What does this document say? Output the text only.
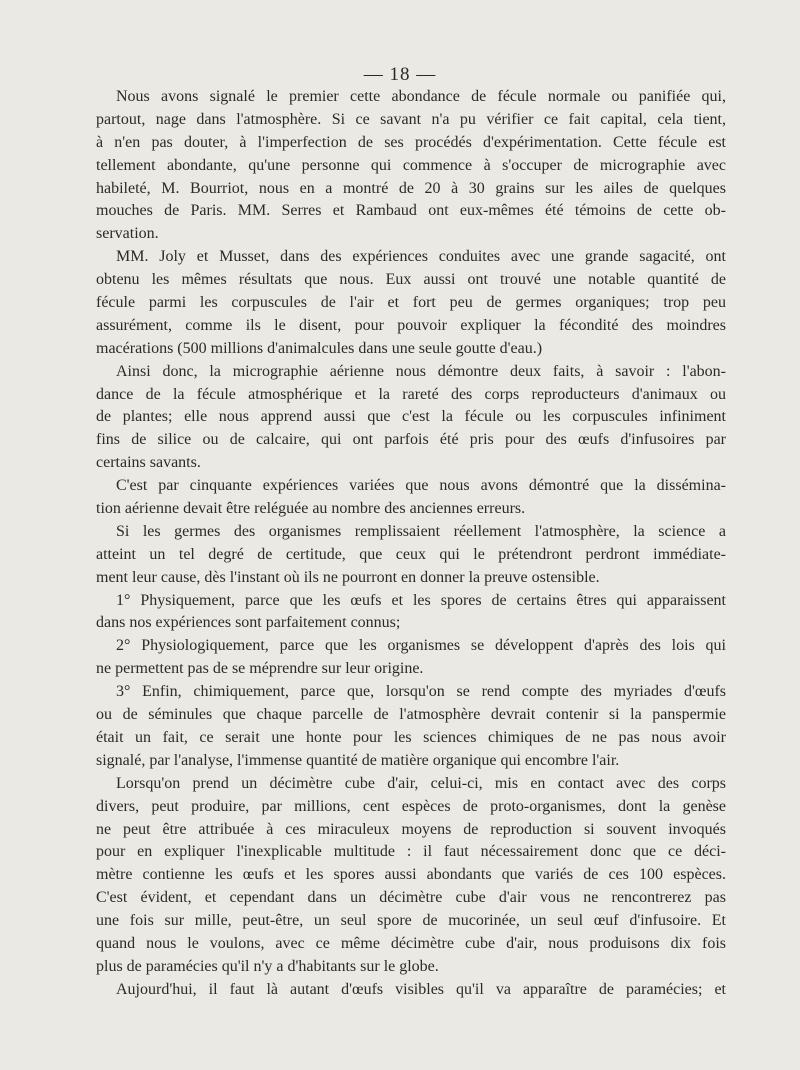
— 18 —
Nous avons signalé le premier cette abondance de fécule normale ou panifiée qui,
partout, nage dans l'atmosphère. Si ce savant n'a pu vérifier ce fait capital, cela tient,
à n'en pas douter, à l'imperfection de ses procédés d'expérimentation. Cette fécule est
tellement abondante, qu'une personne qui commence à s'occuper de micrographie avec
habileté, M. Bourriot, nous en a montré de 20 à 30 grains sur les ailes de quelques
mouches de Paris. MM. Serres et Rambaud ont eux-mêmes été témoins de cette ob-
servation.
MM. Joly et Musset, dans des expériences conduites avec une grande sagacité, ont
obtenu les mêmes résultats que nous. Eux aussi ont trouvé une notable quantité de
fécule parmi les corpuscules de l'air et fort peu de germes organiques; trop peu
assurément, comme ils le disent, pour pouvoir expliquer la fécondité des moindres
macérations (500 millions d'animalcules dans une seule goutte d'eau.)
Ainsi donc, la micrographie aérienne nous démontre deux faits, à savoir : l'abon-
dance de la fécule atmosphérique et la rareté des corps reproducteurs d'animaux ou
de plantes; elle nous apprend aussi que c'est la fécule ou les corpuscules infiniment
fins de silice ou de calcaire, qui ont parfois été pris pour des œufs d'infusoires par
certains savants.
C'est par cinquante expériences variées que nous avons démontré que la dissémina-
tion aérienne devait être reléguée au nombre des anciennes erreurs.
Si les germes des organismes remplissaient réellement l'atmosphère, la science a
atteint un tel degré de certitude, que ceux qui le prétendront perdront immédiate-
ment leur cause, dès l'instant où ils ne pourront en donner la preuve ostensible.
1° Physiquement, parce que les œufs et les spores de certains êtres qui apparaissent
dans nos expériences sont parfaitement connus;
2° Physiologiquement, parce que les organismes se développent d'après des lois qui
ne permettent pas de se méprendre sur leur origine.
3° Enfin, chimiquement, parce que, lorsqu'on se rend compte des myriades d'œufs
ou de séminules que chaque parcelle de l'atmosphère devrait contenir si la panspermie
était un fait, ce serait une honte pour les sciences chimiques de ne pas nous avoir
signalé, par l'analyse, l'immense quantité de matière organique qui encombre l'air.
Lorsqu'on prend un décimètre cube d'air, celui-ci, mis en contact avec des corps
divers, peut produire, par millions, cent espèces de proto-organismes, dont la genèse
ne peut être attribuée à ces miraculeux moyens de reproduction si souvent invoqués
pour en expliquer l'inexplicable multitude : il faut nécessairement donc que ce déci-
mètre contienne les œufs et les spores aussi abondants que variés de ces 100 espèces.
C'est évident, et cependant dans un décimètre cube d'air vous ne rencontrerez pas
une fois sur mille, peut-être, un seul spore de mucorinée, un seul œuf d'infusoire. Et
quand nous le voulons, avec ce même décimètre cube d'air, nous produisons dix fois
plus de paramécies qu'il n'y a d'habitants sur le globe.
Aujourd'hui, il faut là autant d'œufs visibles qu'il va apparaître de paramécies; et
